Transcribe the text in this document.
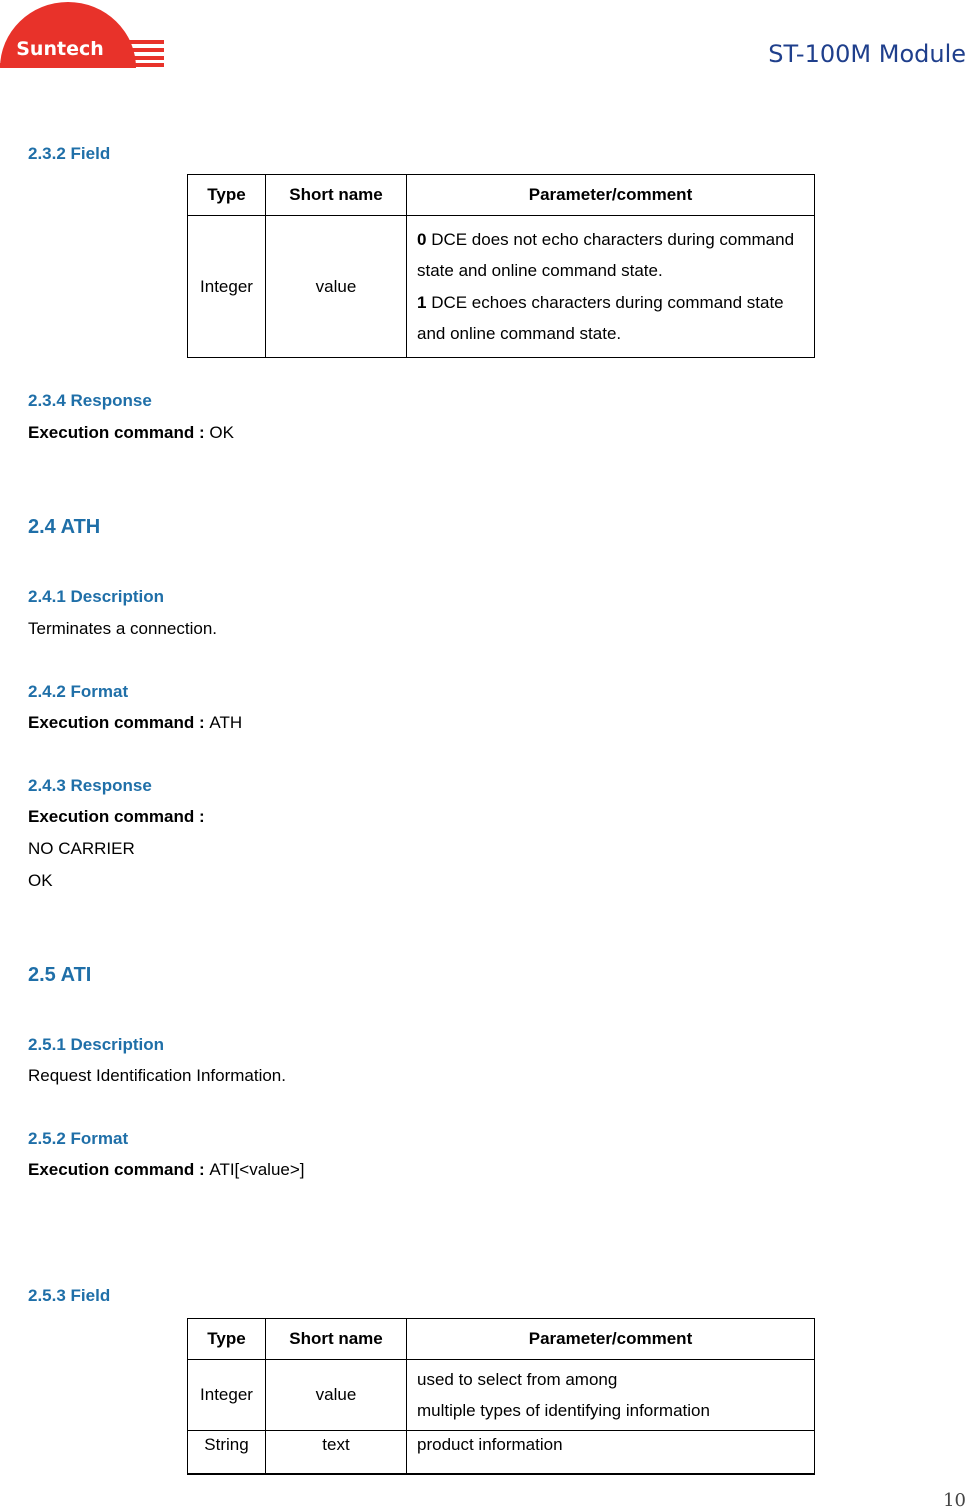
Suntech	ST-100M Module
2.3.2 Field
Type	Short name	Parameter/comment
Integer	value	0 DCE does not echo characters during command state and online command state.
1 DCE echoes characters during command state and online command state.
2.3.4 Response
Execution command : OK
2.4 ATH
2.4.1 Description
Terminates a connection.
2.4.2 Format
Execution command : ATH
2.4.3 Response
Execution command :
NO CARRIER
OK
2.5 ATI
2.5.1 Description
Request Identification Information.
2.5.2 Format
Execution command : ATI[<value>]
2.5.3 Field
Type	Short name	Parameter/comment
Integer	value	used to select from among
multiple types of identifying information

String	text	product information
10
